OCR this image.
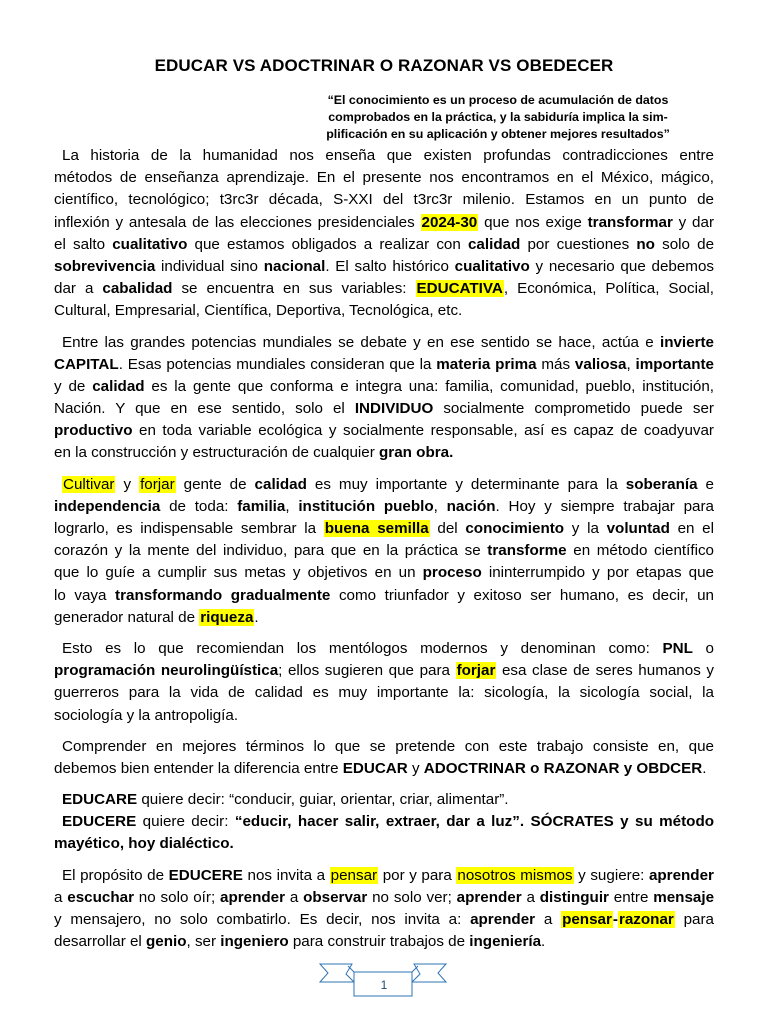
EDUCAR VS ADOCTRINAR O RAZONAR VS OBEDECER
“El conocimiento es un proceso de acumulación de datos
comprobados en la práctica, y la sabiduría implica la sim-
plificación en su aplicación y obtener mejores resultados”
La historia de la humanidad nos enseña que existen profundas contradicciones entre
métodos de enseñanza aprendizaje. En el presente nos encontramos en el México, mágico,
científico, tecnológico; t3rc3r década, S-XXI del t3rc3r milenio. Estamos en un punto de
inflexión y antesala de las elecciones presidenciales 2024-30 que nos exige transformar y dar
el salto cualitativo que estamos obligados a realizar con calidad por cuestiones no solo de
sobrevivencia individual sino nacional. El salto histórico cualitativo y necesario que debemos
dar a cabalidad se encuentra en sus variables: EDUCATIVA, Económica, Política, Social,
Cultural, Empresarial, Científica, Deportiva, Tecnológica, etc.
Entre las grandes potencias mundiales se debate y en ese sentido se hace, actúa e invierte
CAPITAL. Esas potencias mundiales consideran que la materia prima más valiosa, importante
y de calidad es la gente que conforma e integra una: familia, comunidad, pueblo, institución,
Nación. Y que en ese sentido, solo el INDIVIDUO socialmente comprometido puede ser
productivo en toda variable ecológica y socialmente responsable, así es capaz de coadyuvar
en la construcción y estructuración de cualquier gran obra.
Cultivar y forjar gente de calidad es muy importante y determinante para la soberanía e
independencia de toda: familia, institución pueblo, nación. Hoy y siempre trabajar para
lograrlo, es indispensable sembrar la buena semilla del conocimiento y la voluntad en el
corazón y la mente del individuo, para que en la práctica se transforme en método científico
que lo guíe a cumplir sus metas y objetivos en un proceso ininterrumpido y por etapas que
lo vaya transformando gradualmente como triunfador y exitoso ser humano, es decir, un
generador natural de riqueza.
Esto es lo que recomiendan los mentólogos modernos y denominan como: PNL o
programación neurolingüística; ellos sugieren que para forjar esa clase de seres humanos y
guerreros para la vida de calidad es muy importante la: sicología, la sicología social, la
sociología y la antropoligía.
Comprender en mejores términos lo que se pretende con este trabajo consiste en, que
debemos bien entender la diferencia entre EDUCAR y ADOCTRINAR o RAZONAR y OBDCER.
EDUCARE quiere decir: “conducir, guiar, orientar, criar, alimentar”.
EDUCERE quiere decir: “educir, hacer salir, extraer, dar a luz”. SÓCRATES y su método
mayético, hoy dialéctico.
El propósito de EDUCERE nos invita a pensar por y para nosotros mismos y sugiere: aprender
a escuchar no solo oír; aprender a observar no solo ver; aprender a distinguir entre mensaje
y mensajero, no solo combatirlo. Es decir, nos invita a: aprender a pensar-razonar para
desarrollar el genio, ser ingeniero para construir trabajos de ingeniería.
1
